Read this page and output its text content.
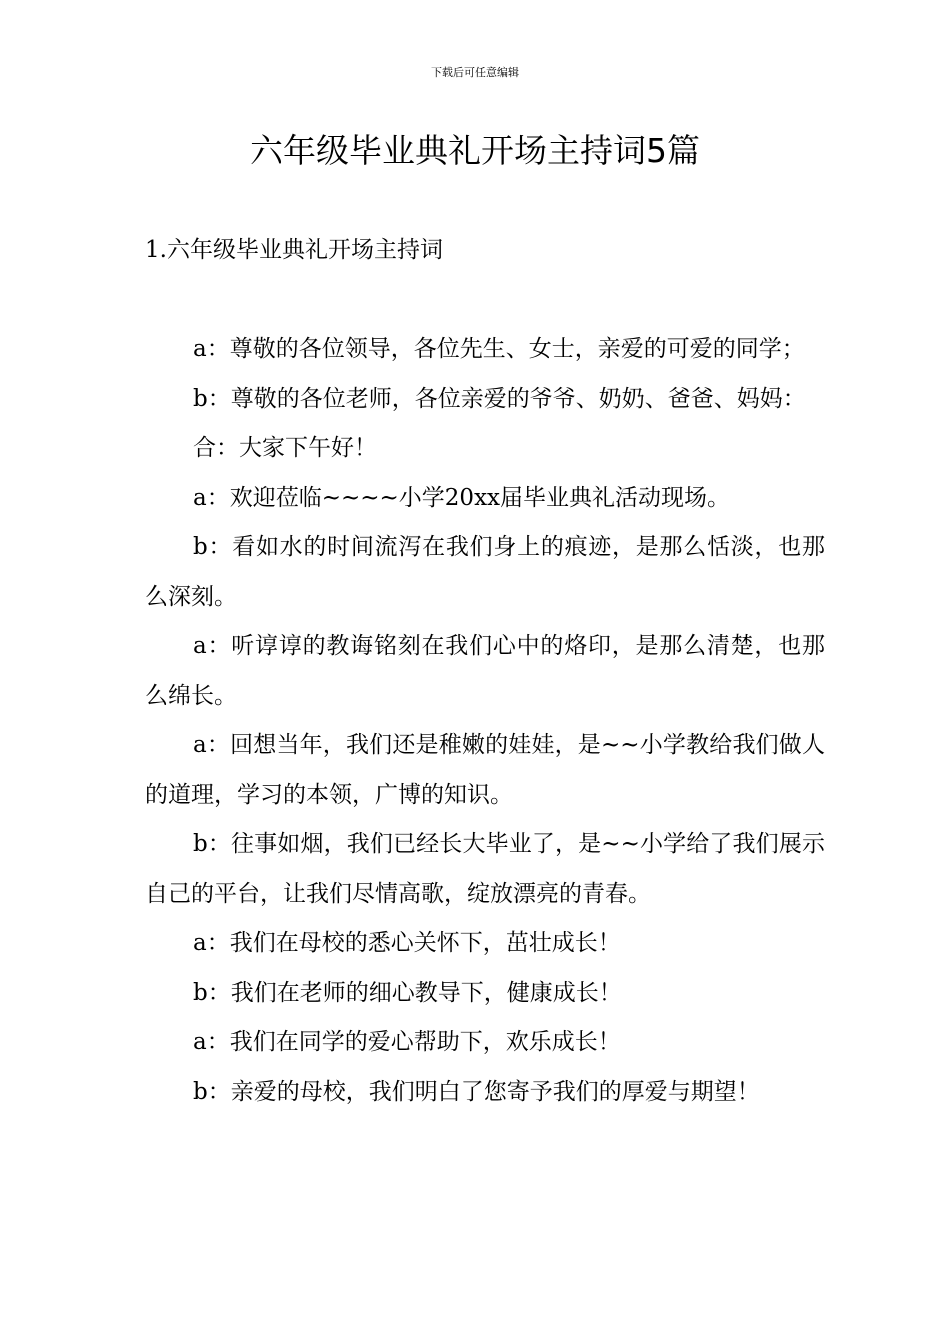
下载后可任意编辑
六年级毕业典礼开场主持词5篇
1.六年级毕业典礼开场主持词

a：尊敬的各位领导，各位先生、女士，亲爱的可爱的同学；

b：尊敬的各位老师，各位亲爱的爷爷、奶奶、爸爸、妈妈：

合：大家下午好！

a：欢迎莅临~~~~小学20xx届毕业典礼活动现场。

b：看如水的时间流泻在我们身上的痕迹，是那么恬淡，也那么深刻。

a：听谆谆的教诲铭刻在我们心中的烙印，是那么清楚，也那么绵长。

a：回想当年，我们还是稚嫩的娃娃，是~~小学教给我们做人的道理，学习的本领，广博的知识。

b：往事如烟，我们已经长大毕业了，是~~小学给了我们展示自己的平台，让我们尽情高歌，绽放漂亮的青春。

a：我们在母校的悉心关怀下，茁壮成长！

b：我们在老师的细心教导下，健康成长！

a：我们在同学的爱心帮助下，欢乐成长！

b：亲爱的母校，我们明白了您寄予我们的厚爱与期望！
